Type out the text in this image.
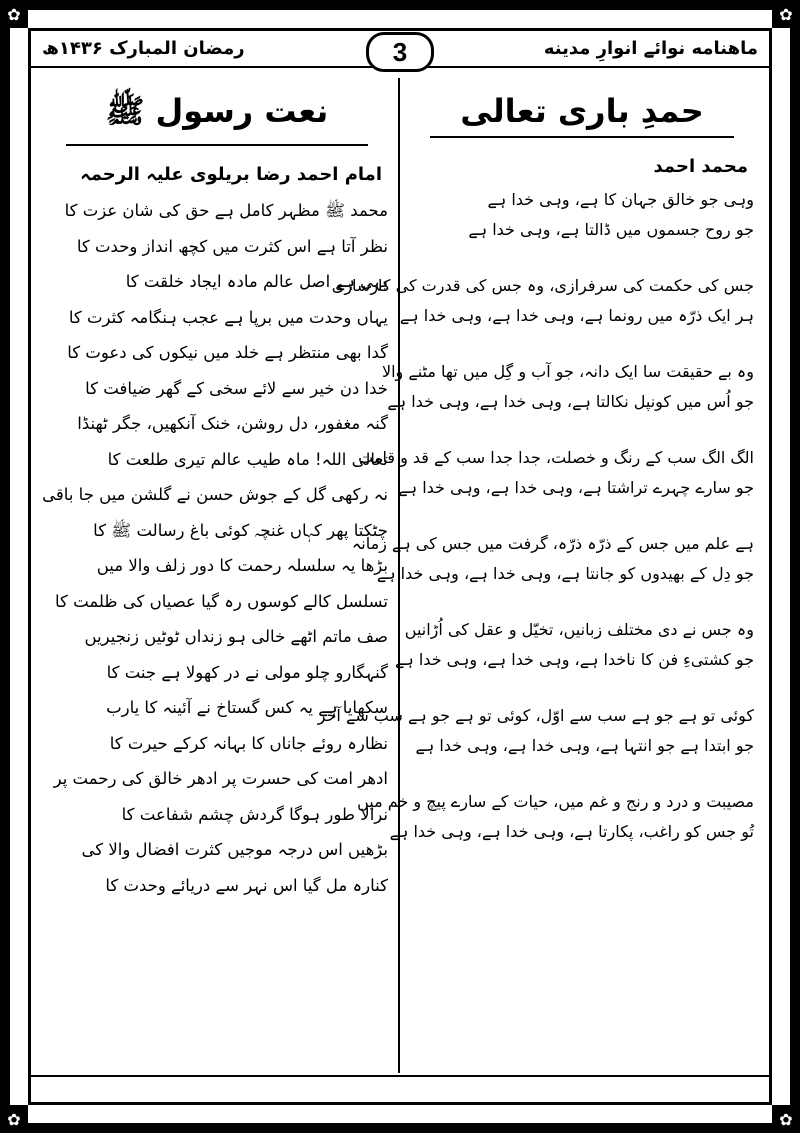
✿	✿
✿	✿
رمضان المبارک ۱۴۳۶ھ	ماهنامه نوائے انوارِ مدینه
3
حمدِ باری تعالی
محمد احمد
وہی جو خالق جہان کا ہے، وہی خدا ہے
جو روح جسموں میں ڈالتا ہے، وہی خدا ہے
جس کی حکمت کی سرفرازی، وہ جس کی قدرت کی کارسازی
ہر ایک ذرّہ میں رونما ہے، وہی خدا ہے، وہی خدا ہے
وہ بے حقیقت سا ایک دانہ، جو آب و گِل میں تھا مٹنے والا
جو اُس میں کونپل نکالتا ہے، وہی خدا ہے، وہی خدا ہے
الگ الگ سب کے رنگ و خصلت، جدا جدا سب کے قد و قامت
جو سارے چہرے تراشتا ہے، وہی خدا ہے، وہی خدا ہے
ہے علم میں جس کے ذرّہ ذرّہ، گرفت میں جس کی ہے زمانہ
جو دِل کے بھیدوں کو جانتا ہے، وہی خدا ہے، وہی خدا ہے
وہ جس نے دی مختلف زبانیں، تخیّل و عقل کی اُڑانیں
جو کشتیءِ فن کا ناخدا ہے، وہی خدا ہے، وہی خدا ہے
کوئی تو ہے جو ہے سب سے اوّل، کوئی تو ہے جو ہے سب سے آخر
جو ابتدا ہے جو انتہا ہے، وہی خدا ہے، وہی خدا ہے
مصیبت و درد و رنج و غم میں، حیات کے سارے پیچ و خم میں
تُو جس کو راغب، پکارتا ہے، وہی خدا ہے، وہی خدا ہے
نعت رسول ﷺ
امام احمد رضا بریلوی علیہ الرحمہ
محمد ﷺ مظہر کامل ہے حق کی شان عزت کا
نظر آتا ہے اس کثرت میں کچھ انداز وحدت کا
یہی ہے اصل عالم مادہ ایجاد خلقت کا
یہاں وحدت میں برپا ہے عجب ہنگامہ کثرت کا
گدا بھی منتظر ہے خلد میں نیکوں کی دعوت کا
خدا دن خیر سے لائے سخی کے گھر ضیافت کا
گنہ مغفور، دل روشن، خنک آنکھیں، جگر ٹھنڈا
تعالی اللہ! ماہ طیب عالم تیری طلعت کا
نہ رکھی گل کے جوش حسن نے گلشن میں جا باقی
چٹکتا پھر کہاں غنچہ کوئی باغ رسالت ﷺ کا
بڑھا یہ سلسلہ رحمت کا دور زلف والا میں
تسلسل کالے کوسوں رہ گیا عصیاں کی ظلمت کا
صف ماتم اٹھے خالی ہو زنداں ٹوٹیں زنجیریں
گنہگارو چلو مولی نے در کھولا ہے جنت کا
سکھایا ہے یہ کس گستاخ نے آئینہ کا یارب
نظارہ روئے جاناں کا بہانہ کرکے حیرت کا
ادھر امت کی حسرت پر ادھر خالق کی رحمت پر
نرالا طور ہوگا گردش چشم شفاعت کا
بڑھیں اس درجہ موجیں کثرت افضال والا کی
کنارہ مل گیا اس نہر سے دریائے وحدت کا
